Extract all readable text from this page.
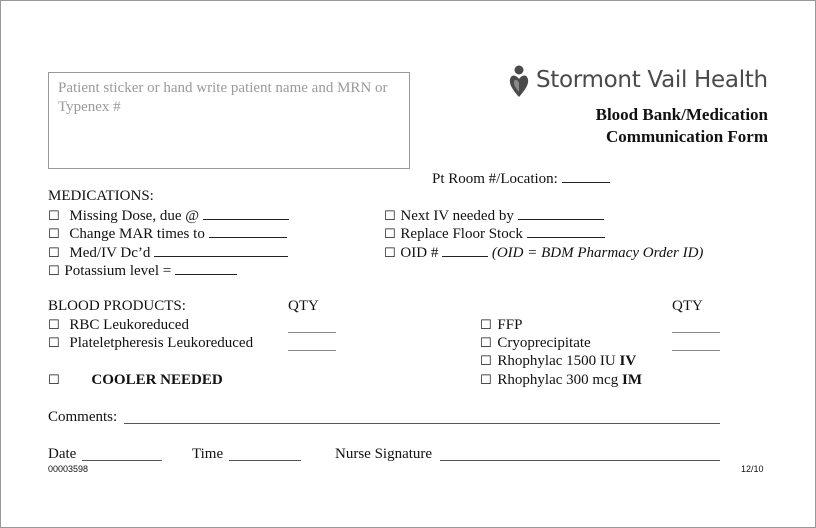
Patient sticker or hand write patient name and MRN or Typenex #
Stormont Vail Health
Blood Bank/Medication
Communication Form
Pt Room #/Location:
MEDICATIONS:
☐ Missing Dose, due @
☐ Change MAR times to
☐ Med/IV Dc’d
☐ Potassium level =
☐ Next IV needed by
☐ Replace Floor Stock
☐ OID #	(OID = BDM Pharmacy Order ID)
BLOOD PRODUCTS:	QTY	QTY
☐ RBC Leukoreduced
☐ Plateletpheresis Leukoreduced
☐ COOLER NEEDED
☐ FFP
☐ Cryoprecipitate
☐ Rhophylac 1500 IU IV
☐ Rhophylac 300 mcg IM
Comments:
Date	Time	Nurse Signature
00003598	12/10
